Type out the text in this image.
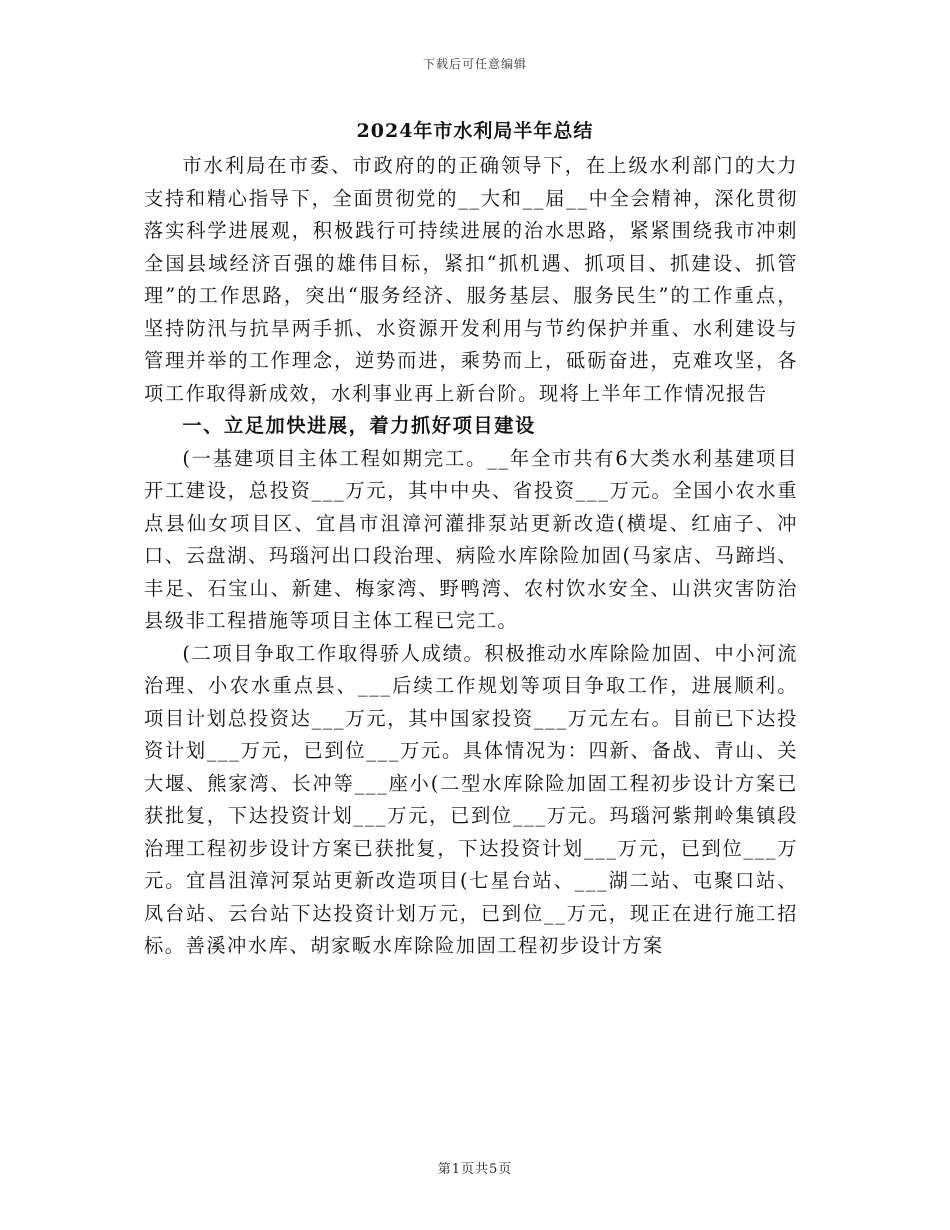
下载后可任意编辑
2024年市水利局半年总结

市水利局在市委、市政府的的正确领导下，在上级水利部门的大力支持和精心指导下，全面贯彻党的__大和__届__中全会精神，深化贯彻落实科学进展观，积极践行可持续进展的治水思路，紧紧围绕我市冲刺全国县域经济百强的雄伟目标，紧扣“抓机遇、抓项目、抓建设、抓管理”的工作思路，突出“服务经济、服务基层、服务民生”的工作重点，坚持防汛与抗旱两手抓、水资源开发利用与节约保护并重、水利建设与管理并举的工作理念，逆势而进，乘势而上，砥砺奋进，克难攻坚，各项工作取得新成效，水利事业再上新台阶。现将上半年工作情况报告

一、立足加快进展，着力抓好项目建设

(一基建项目主体工程如期完工。__年全市共有6大类水利基建项目开工建设，总投资___万元，其中中央、省投资___万元。全国小农水重点县仙女项目区、宜昌市沮漳河灌排泵站更新改造(横堤、红庙子、冲口、云盘湖、玛瑙河出口段治理、病险水库除险加固(马家店、马蹄垱、丰足、石宝山、新建、梅家湾、野鸭湾、农村饮水安全、山洪灾害防治县级非工程措施等项目主体工程已完工。

(二项目争取工作取得骄人成绩。积极推动水库除险加固、中小河流治理、小农水重点县、___后续工作规划等项目争取工作，进展顺利。项目计划总投资达___万元，其中国家投资___万元左右。目前已下达投资计划___万元，已到位___万元。具体情况为：四新、备战、青山、关大堰、熊家湾、长冲等___座小(二型水库除险加固工程初步设计方案已获批复，下达投资计划___万元，已到位___万元。玛瑙河紫荆岭集镇段治理工程初步设计方案已获批复，下达投资计划___万元，已到位___万元。宜昌沮漳河泵站更新改造项目(七星台站、___湖二站、屯聚口站、凤台站、云台站下达投资计划万元，已到位__万元，现正在进行施工招标。善溪冲水库、胡家畈水库除险加固工程初步设计方案

第1页共5页
